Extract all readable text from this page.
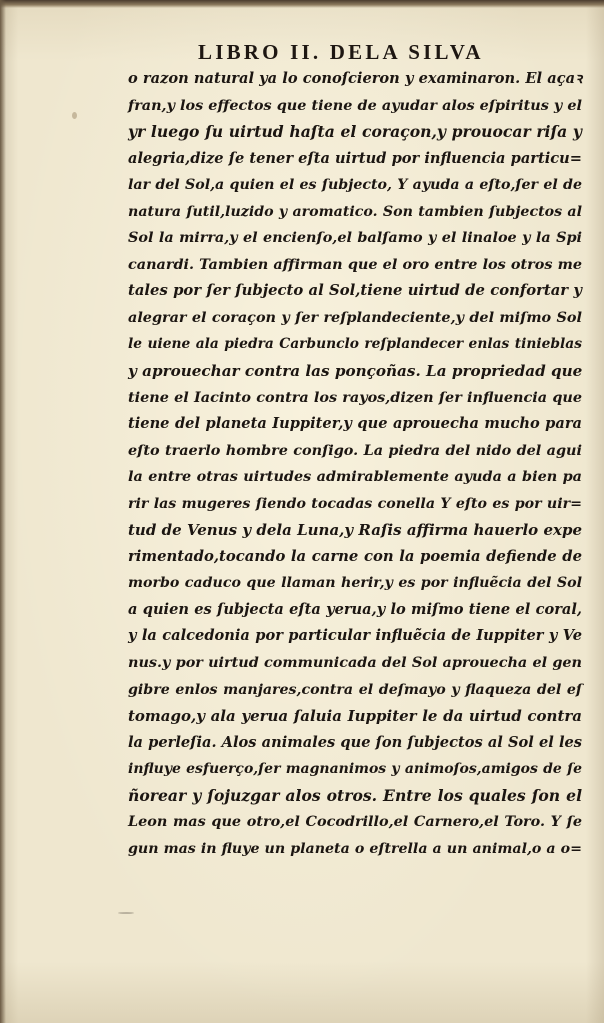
LIBRO II. DELA SILVA
o razon natural ya lo conoſcieron y examinaron. El açaꝛ
fran,y los effectos que tiene de ayudar alos eſpiritus y el
yr luego ſu uirtud haſta el coraçon,y prouocar riſa y
alegria,dize ſe tener eſta uirtud por influencia particu=
lar del Sol,a quien el es ſubjecto, Y ayuda a eſto,ſer el de
natura ſutil,luzido y aromatico. Son tambien ſubjectos al
Sol la mirra,y el encienſo,el balſamo y el linaloe y la Spi
canardi. Tambien affirman que el oro entre los otros me
tales por ſer ſubjecto al Sol,tiene uirtud de confortar y
alegrar el coraçon y ſer reſplandeciente,y del miſmo Sol
le uiene ala piedra Carbunclo reſplandecer enlas tinieblas
y aprouechar contra las ponçoñas. La propriedad que
tiene el Iacinto contra los rayos,dizen ſer influencia que
tiene del planeta Iuppiter,y que aprouecha mucho para
eſto traerlo hombre conſigo. La piedra del nido del agui
la entre otras uirtudes admirablemente ayuda a bien pa
rir las mugeres ſiendo tocadas conella Y eſto es por uir=
tud de Venus y dela Luna,y Raſis affirma hauerlo expe
rimentado,tocando la carne con la poemia defiende de
morbo caduco que llaman herir,y es por influẽcia del Sol
a quien es ſubjecta eſta yerua,y lo miſmo tiene el coral,
y la calcedonia por particular influẽcia de Iuppiter y Ve
nus.y por uirtud communicada del Sol aprouecha el gen
gibre enlos manjares,contra el deſmayo y flaqueza del eſ
tomago,y ala yerua ſaluia Iuppiter le da uirtud contra
la perleſia. Alos animales que ſon ſubjectos al Sol el les
influye esfuerço,ſer magnanimos y animoſos,amigos de ſe
ñorear y ſojuzgar alos otros. Entre los quales ſon el
Leon mas que otro,el Cocodrillo,el Carnero,el Toro. Y ſe
gun mas in fluye un planeta o eſtrella a un animal,o a o=
